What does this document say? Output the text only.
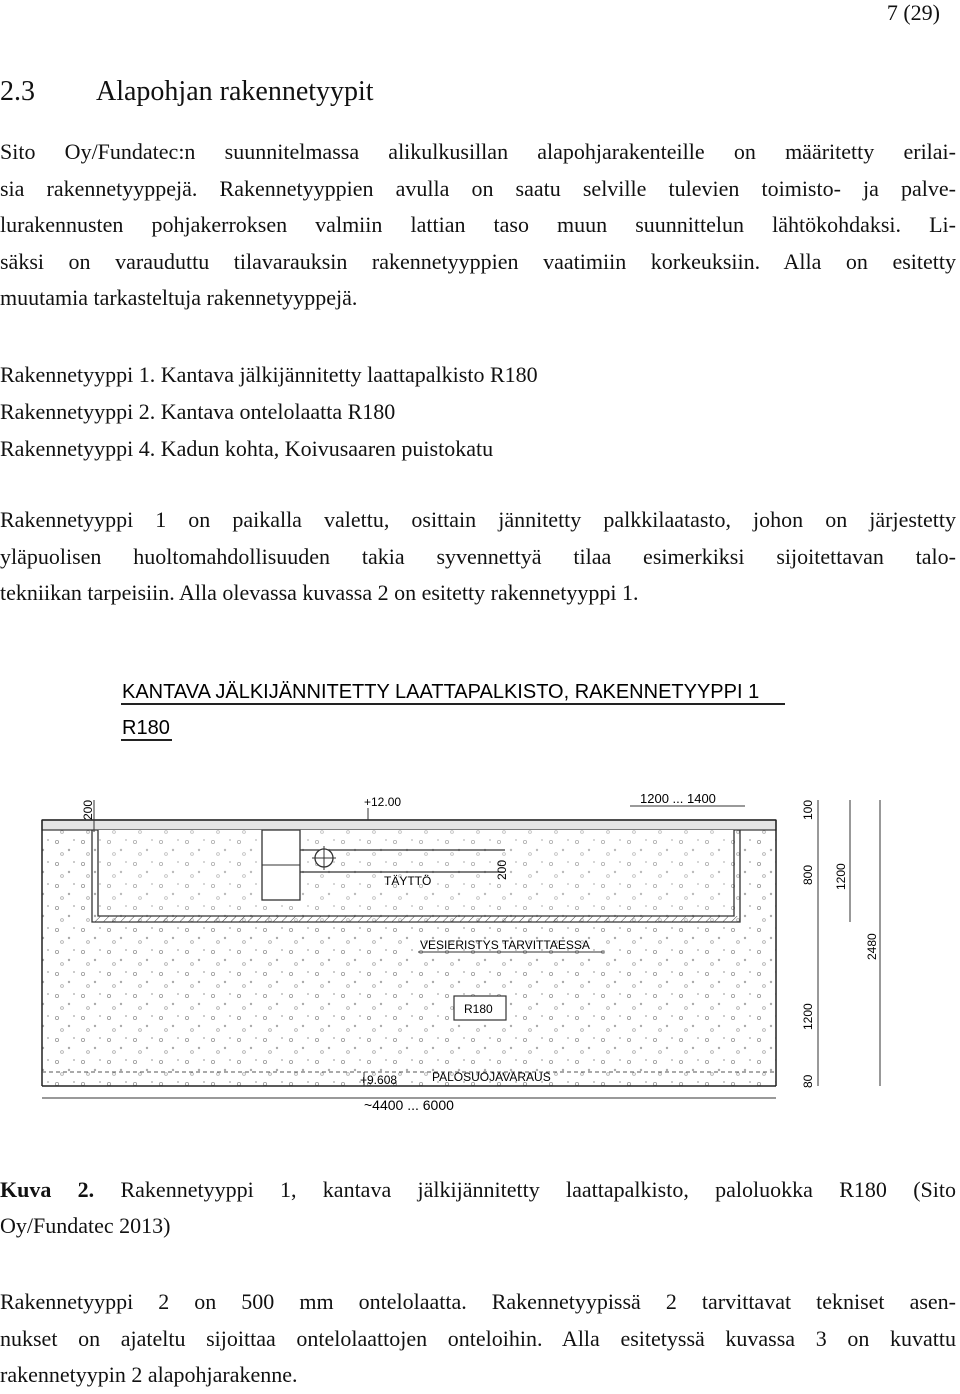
7 (29)
2.3 Alapohjan rakennetyypit
Sito Oy/Fundatec:n suunnitelmassa alikulkusillan alapohjarakenteille on määritetty erilai-
sia rakennetyyppejä. Rakennetyyppien avulla on saatu selville tulevien toimisto- ja palve-
lurakennusten pohjakerroksen valmiin lattian taso muun suunnittelun lähtökohdaksi. Li-
säksi on varauduttu tilavarauksin rakennetyyppien vaatimiin korkeuksiin. Alla on esitetty
muutamia tarkasteltuja rakennetyyppejä.
Rakennetyyppi 1. Kantava jälkijännitetty laattapalkisto R180
Rakennetyyppi 2. Kantava ontelolaatta R180
Rakennetyyppi 4. Kadun kohta, Koivusaaren puistokatu
Rakennetyyppi 1 on paikalla valettu, osittain jännitetty palkkilaatasto, johon on järjestetty
yläpuolisen huoltomahdollisuuden takia syvennettyä tilaa esimerkiksi sijoitettavan talo-
tekniikan tarpeisiin. Alla olevassa kuvassa 2 on esitetty rakennetyyppi 1.
KANTAVA JÄLKIJÄNNITETTY LAATTAPALKISTO, RAKENNETYYPPI 1
R180
TÄYTTÖ
200
+12.00
200
1200 ... 1400
100
800 1200
2480
1200
80
VESIERISTYS TARVITTAESSA
R180
+9.608	PALOSUOJAVARAUS
~4400 ... 6000
Kuva 2. Rakennetyyppi 1, kantava jälkijännitetty laattapalkisto, paloluokka R180 (Sito
Oy/Fundatec 2013)
Rakennetyyppi 2 on 500 mm ontelolaatta. Rakennetyypissä 2 tarvittavat tekniset asen-
nukset on ajateltu sijoittaa ontelolaattojen onteloihin. Alla esitetyssä kuvassa 3 on kuvattu
rakennetyypin 2 alapohjarakenne.
